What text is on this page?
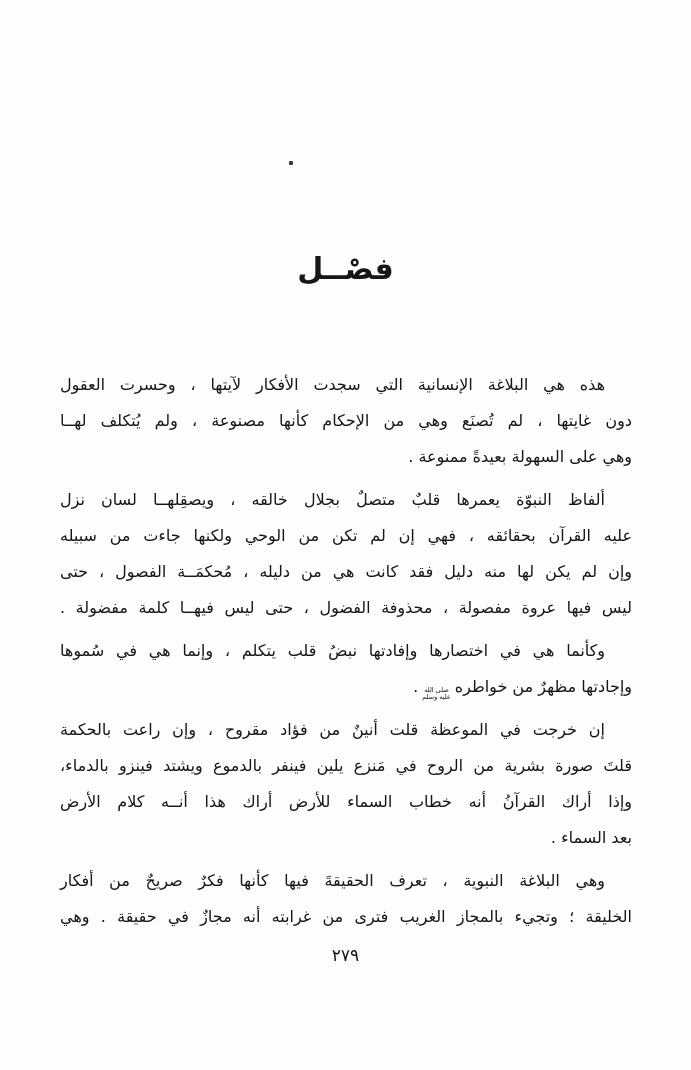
فصْــل
هذه هي البلاغة الإنسانية التي سجدت الأفكار لآيتها ، وحسرت العقول
دون غايتها ، لم تُصنَع وهي من الإحكام كأنها مصنوعة ، ولم يُتكلف لهــا
وهي على السهولة بعيدةً ممنوعة .
ألفاظ النبوّة يعمرها قلبٌ متصلٌ بجلال خالقه ، ويصقِلهــا لسان نزل
عليه القرآن بحقائقه ، فهي إن لم تكن من الوحي ولكنها جاءت من سبيله
وإن لم يكن لها منه دليل فقد كانت هي من دليله ، مُحكمَــة الفصول ، حتى
ليس فيها عروة مفصولة ، محذوفة الفضول ، حتى ليس فيهــا كلمة مفضولة .
وكأنما هي في اختصارها وإفادتها نبضُ قلب يتكلم ، وإنما هي في سُموها
وإجادتها مظهرٌ من خواطره
صلى الله
عليه وسلم
.
إن خرجت في الموعظة قلت أنينٌ من فؤاد مقروح ، وإن راعت بالحكمة
قلتَ صورة بشرية من الروح في مَنزع يلين فينفر بالدموع ويشتد فينزو بالدماء،
وإذا أراك القرآنُ أنه خطاب السماء للأرض أراك هذا أنــه كلام الأرض
بعد السماء .
وهي البلاغة النبوية ، تعرف الحقيقةَ فيها كأنها فكرٌ صريحٌ من أفكار
الخليقة ؛ وتجيء بالمجاز الغريب فترى من غرابته أنه مجازٌ في حقيقة . وهي
٢٧٩
